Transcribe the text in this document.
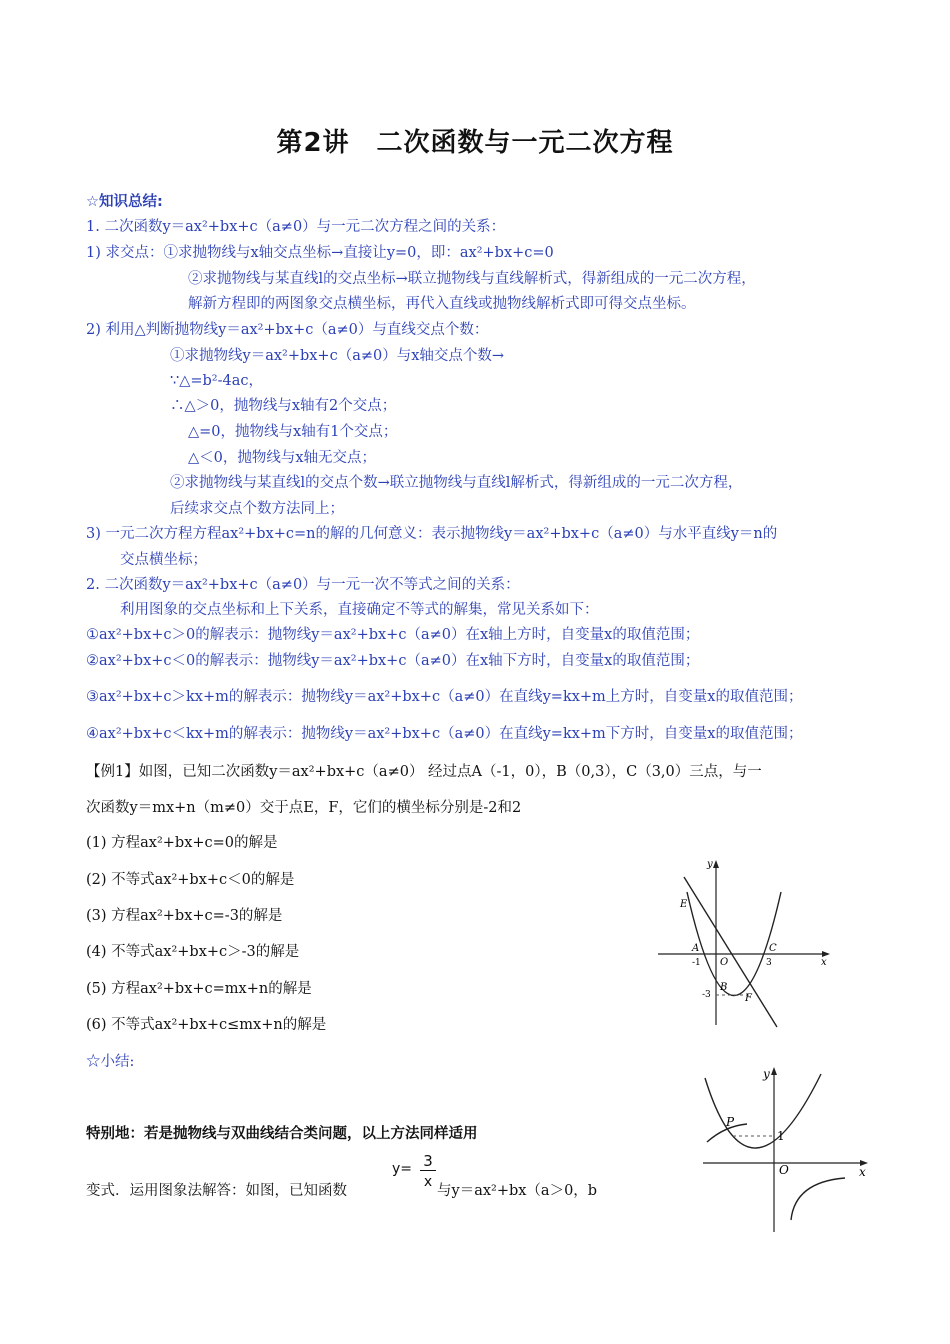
第2讲　二次函数与一元二次方程
☆知识总结:
1. 二次函数y＝ax²+bx+c（a≠0）与一元二次方程之间的关系：
1) 求交点：①求抛物线与x轴交点坐标→直接让y=0，即：ax²+bx+c=0
②求抛物线与某直线l的交点坐标→联立抛物线与直线解析式，得新组成的一元二次方程，
解新方程即的两图象交点横坐标，再代入直线或抛物线解析式即可得交点坐标。
2) 利用△判断抛物线y＝ax²+bx+c（a≠0）与直线交点个数：
①求抛物线y＝ax²+bx+c（a≠0）与x轴交点个数→
∵△=b²-4ac，
∴△＞0，抛物线与x轴有2个交点；
△=0，抛物线与x轴有1个交点；
△＜0，抛物线与x轴无交点；
②求抛物线与某直线l的交点个数→联立抛物线与直线l解析式，得新组成的一元二次方程，
后续求交点个数方法同上；
3) 一元二次方程方程ax²+bx+c=n的解的几何意义：表示抛物线y＝ax²+bx+c（a≠0）与水平直线y＝n的
交点横坐标；
2. 二次函数y＝ax²+bx+c（a≠0）与一元一次不等式之间的关系：
利用图象的交点坐标和上下关系，直接确定不等式的解集，常见关系如下：
①ax²+bx+c＞0的解表示：抛物线y＝ax²+bx+c（a≠0）在x轴上方时，自变量x的取值范围；
②ax²+bx+c＜0的解表示：抛物线y＝ax²+bx+c（a≠0）在x轴下方时，自变量x的取值范围；
③ax²+bx+c＞kx+m的解表示：抛物线y＝ax²+bx+c（a≠0）在直线y=kx+m上方时，自变量x的取值范围；
④ax²+bx+c＜kx+m的解表示：抛物线y＝ax²+bx+c（a≠0）在直线y=kx+m下方时，自变量x的取值范围；
【例1】如图，已知二次函数y＝ax²+bx+c（a≠0） 经过点A（-1，0），B（0,3），C（3,0）三点，与一
次函数y＝mx+n（m≠0）交于点E，F，它们的横坐标分别是-2和2
(1) 方程ax²+bx+c=0的解是
(2) 不等式ax²+bx+c＜0的解是
(3) 方程ax²+bx+c=-3的解是
(4) 不等式ax²+bx+c＞-3的解是
(5) 方程ax²+bx+c=mx+n的解是
(6) 不等式ax²+bx+c≤mx+n的解是
☆小结:
特别地：若是抛物线与双曲线结合类问题，以上方法同样适用
变式．运用图象法解答：如图，已知函数
y= 3
x
与y＝ax²+bx（a＞0，b
y
x
E
A
O
C
B
F
-1	3
-3
y
x
P
O
1
